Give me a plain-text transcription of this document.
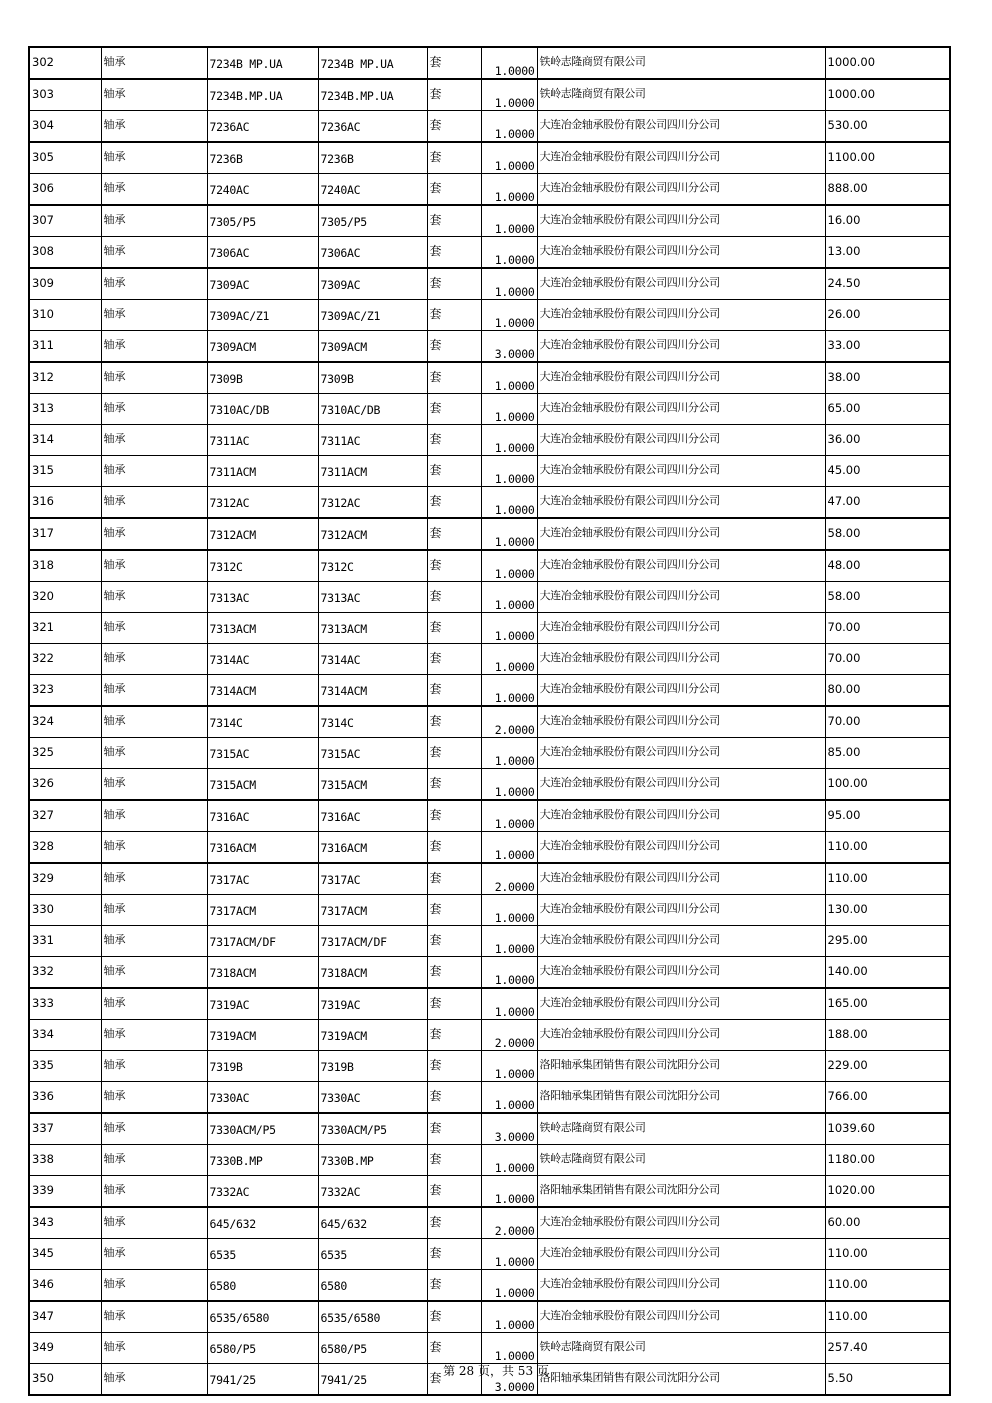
302	轴承	7234B MP.UA	7234B MP.UA	套	1.0000	铁岭志隆商贸有限公司	1000.00
303	轴承	7234B.MP.UA	7234B.MP.UA	套	1.0000	铁岭志隆商贸有限公司	1000.00
304	轴承	7236AC	7236AC	套	1.0000	大连冶金轴承股份有限公司四川分公司	530.00
305	轴承	7236B	7236B	套	1.0000	大连冶金轴承股份有限公司四川分公司	1100.00
306	轴承	7240AC	7240AC	套	1.0000	大连冶金轴承股份有限公司四川分公司	888.00
307	轴承	7305/P5	7305/P5	套	1.0000	大连冶金轴承股份有限公司四川分公司	16.00
308	轴承	7306AC	7306AC	套	1.0000	大连冶金轴承股份有限公司四川分公司	13.00
309	轴承	7309AC	7309AC	套	1.0000	大连冶金轴承股份有限公司四川分公司	24.50
310	轴承	7309AC/Z1	7309AC/Z1	套	1.0000	大连冶金轴承股份有限公司四川分公司	26.00
311	轴承	7309ACM	7309ACM	套	3.0000	大连冶金轴承股份有限公司四川分公司	33.00
312	轴承	7309B	7309B	套	1.0000	大连冶金轴承股份有限公司四川分公司	38.00
313	轴承	7310AC/DB	7310AC/DB	套	1.0000	大连冶金轴承股份有限公司四川分公司	65.00
314	轴承	7311AC	7311AC	套	1.0000	大连冶金轴承股份有限公司四川分公司	36.00
315	轴承	7311ACM	7311ACM	套	1.0000	大连冶金轴承股份有限公司四川分公司	45.00
316	轴承	7312AC	7312AC	套	1.0000	大连冶金轴承股份有限公司四川分公司	47.00
317	轴承	7312ACM	7312ACM	套	1.0000	大连冶金轴承股份有限公司四川分公司	58.00
318	轴承	7312C	7312C	套	1.0000	大连冶金轴承股份有限公司四川分公司	48.00
320	轴承	7313AC	7313AC	套	1.0000	大连冶金轴承股份有限公司四川分公司	58.00
321	轴承	7313ACM	7313ACM	套	1.0000	大连冶金轴承股份有限公司四川分公司	70.00
322	轴承	7314AC	7314AC	套	1.0000	大连冶金轴承股份有限公司四川分公司	70.00
323	轴承	7314ACM	7314ACM	套	1.0000	大连冶金轴承股份有限公司四川分公司	80.00
324	轴承	7314C	7314C	套	2.0000	大连冶金轴承股份有限公司四川分公司	70.00
325	轴承	7315AC	7315AC	套	1.0000	大连冶金轴承股份有限公司四川分公司	85.00
326	轴承	7315ACM	7315ACM	套	1.0000	大连冶金轴承股份有限公司四川分公司	100.00
327	轴承	7316AC	7316AC	套	1.0000	大连冶金轴承股份有限公司四川分公司	95.00
328	轴承	7316ACM	7316ACM	套	1.0000	大连冶金轴承股份有限公司四川分公司	110.00
329	轴承	7317AC	7317AC	套	2.0000	大连冶金轴承股份有限公司四川分公司	110.00
330	轴承	7317ACM	7317ACM	套	1.0000	大连冶金轴承股份有限公司四川分公司	130.00
331	轴承	7317ACM/DF	7317ACM/DF	套	1.0000	大连冶金轴承股份有限公司四川分公司	295.00
332	轴承	7318ACM	7318ACM	套	1.0000	大连冶金轴承股份有限公司四川分公司	140.00
333	轴承	7319AC	7319AC	套	1.0000	大连冶金轴承股份有限公司四川分公司	165.00
334	轴承	7319ACM	7319ACM	套	2.0000	大连冶金轴承股份有限公司四川分公司	188.00
335	轴承	7319B	7319B	套	1.0000	洛阳轴承集团销售有限公司沈阳分公司	229.00
336	轴承	7330AC	7330AC	套	1.0000	洛阳轴承集团销售有限公司沈阳分公司	766.00
337	轴承	7330ACM/P5	7330ACM/P5	套	3.0000	铁岭志隆商贸有限公司	1039.60
338	轴承	7330B.MP	7330B.MP	套	1.0000	铁岭志隆商贸有限公司	1180.00
339	轴承	7332AC	7332AC	套	1.0000	洛阳轴承集团销售有限公司沈阳分公司	1020.00
343	轴承	645/632	645/632	套	2.0000	大连冶金轴承股份有限公司四川分公司	60.00
345	轴承	6535	6535	套	1.0000	大连冶金轴承股份有限公司四川分公司	110.00
346	轴承	6580	6580	套	1.0000	大连冶金轴承股份有限公司四川分公司	110.00
347	轴承	6535/6580	6535/6580	套	1.0000	大连冶金轴承股份有限公司四川分公司	110.00
349	轴承	6580/P5	6580/P5	套	1.0000	铁岭志隆商贸有限公司	257.40
350	轴承	7941/25	7941/25	套	3.0000	洛阳轴承集团销售有限公司沈阳分公司	5.50
第 28 页，共 53 页
